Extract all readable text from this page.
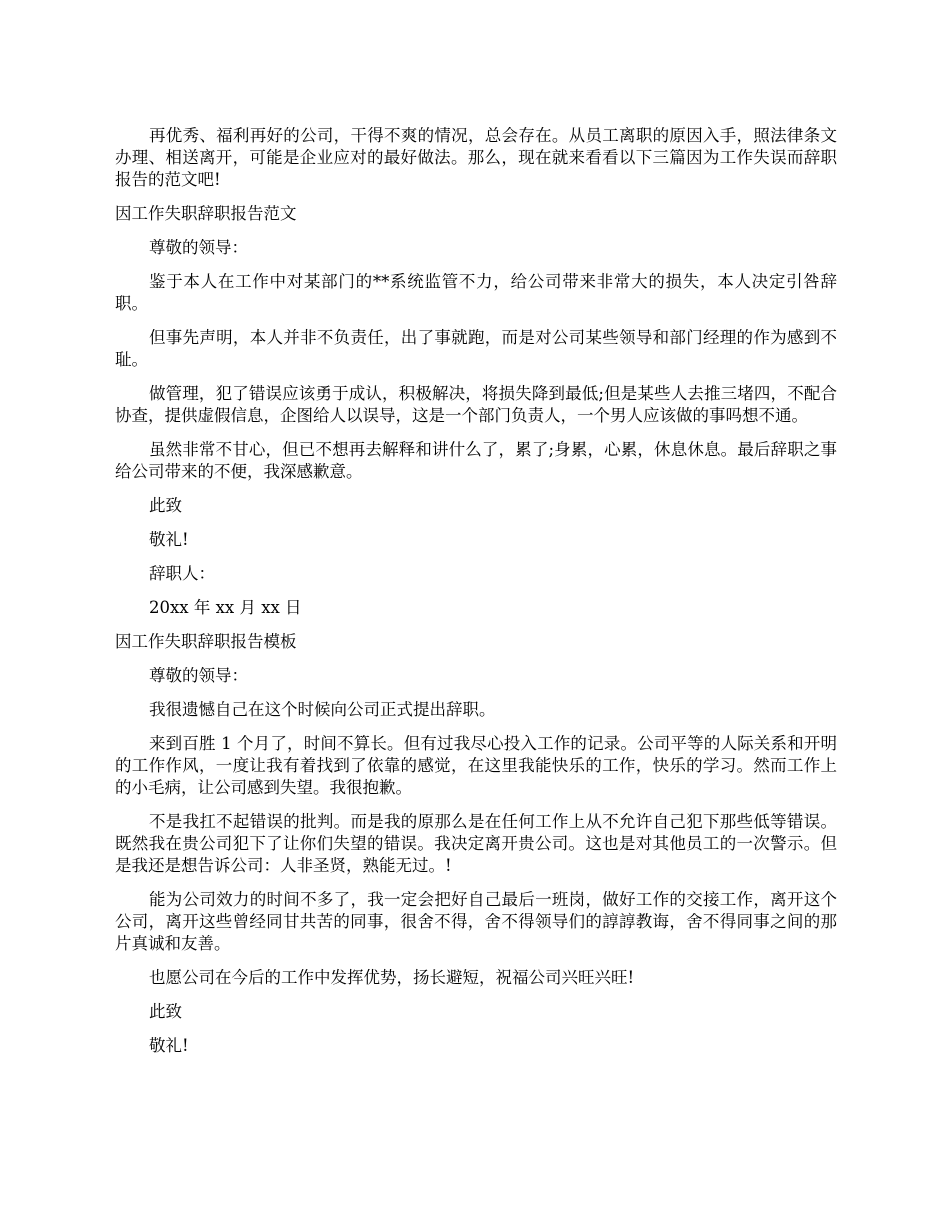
再优秀、福利再好的公司，干得不爽的情况，总会存在。从员工离职的原因入手，照法律条文办理、相送离开，可能是企业应对的最好做法。那么，现在就来看看以下三篇因为工作失误而辞职报告的范文吧!

因工作失职辞职报告范文

尊敬的领导：

鉴于本人在工作中对某部门的**系统监管不力，给公司带来非常大的损失，本人决定引咎辞职。

但事先声明，本人并非不负责任，出了事就跑，而是对公司某些领导和部门经理的作为感到不耻。

做管理，犯了错误应该勇于成认，积极解决，将损失降到最低;但是某些人去推三堵四，不配合协查，提供虚假信息，企图给人以误导，这是一个部门负责人，一个男人应该做的事吗想不通。

虽然非常不甘心，但已不想再去解释和讲什么了，累了;身累，心累，休息休息。最后辞职之事给公司带来的不便，我深感歉意。

此致

敬礼!

辞职人：

20xx 年 xx 月 xx 日

因工作失职辞职报告模板

尊敬的领导：

我很遗憾自己在这个时候向公司正式提出辞职。

来到百胜 1 个月了，时间不算长。但有过我尽心投入工作的记录。公司平等的人际关系和开明的工作作风，一度让我有着找到了依靠的感觉，在这里我能快乐的工作，快乐的学习。然而工作上的小毛病，让公司感到失望。我很抱歉。

不是我扛不起错误的批判。而是我的原那么是在任何工作上从不允许自己犯下那些低等错误。既然我在贵公司犯下了让你们失望的错误。我决定离开贵公司。这也是对其他员工的一次警示。但是我还是想告诉公司：人非圣贤，熟能无过。!

能为公司效力的时间不多了，我一定会把好自己最后一班岗，做好工作的交接工作，离开这个公司，离开这些曾经同甘共苦的同事，很舍不得，舍不得领导们的諄諄教诲，舍不得同事之间的那片真诚和友善。

也愿公司在今后的工作中发挥优势，扬长避短，祝福公司兴旺兴旺!

此致

敬礼!
